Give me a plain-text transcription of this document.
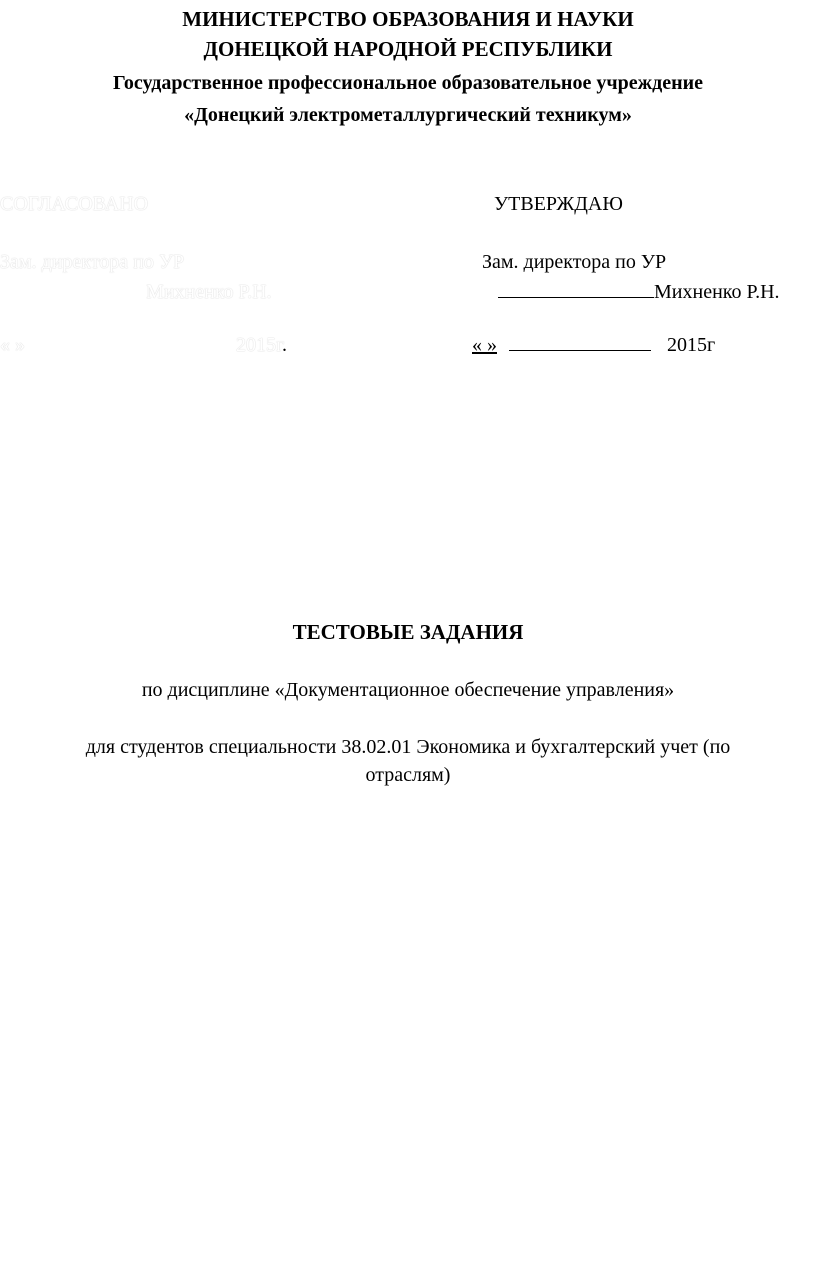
МИНИСТЕРСТВО ОБРАЗОВАНИЯ И НАУКИ
ДОНЕЦКОЙ НАРОДНОЙ РЕСПУБЛИКИ
Государственное профессиональное образовательное учреждение
«Донецкий электрометаллургический техникум»
СОГЛАСОВАНО
Зам. директора по УР
Михненко Р.Н.
« »	2015г.
УТВЕРЖДАЮ
Зам. директора по УР
Михненко Р.Н.
« »	2015г
ТЕСТОВЫЕ ЗАДАНИЯ
по дисциплине «Документационное обеспечение управления»
для студентов специальности 38.02.01 Экономика и бухгалтерский учет (по
отраслям)
